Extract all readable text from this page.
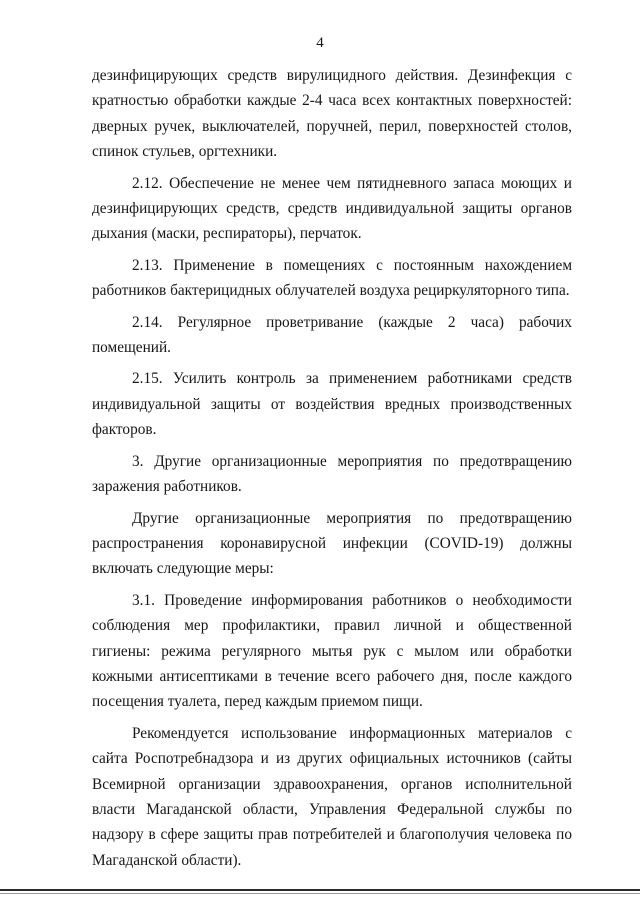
4

дезинфицирующих средств вирулицидного действия. Дезинфекция с кратностью обработки каждые 2-4 часа всех контактных поверхностей: дверных ручек, выключателей, поручней, перил, поверхностей столов, спинок стульев, оргтехники.

2.12. Обеспечение не менее чем пятидневного запаса моющих и дезинфицирующих средств, средств индивидуальной защиты органов дыхания (маски, респираторы), перчаток.

2.13. Применение в помещениях с постоянным нахождением работников бактерицидных облучателей воздуха рециркуляторного типа.

2.14. Регулярное проветривание (каждые 2 часа) рабочих помещений.

2.15. Усилить контроль за применением работниками средств индивидуальной защиты от воздействия вредных производственных факторов.

3. Другие организационные мероприятия по предотвращению заражения работников.

Другие организационные мероприятия по предотвращению распространения коронавирусной инфекции (COVID-19) должны включать следующие меры:

3.1. Проведение информирования работников о необходимости соблюдения мер профилактики, правил личной и общественной гигиены: режима регулярного мытья рук с мылом или обработки кожными антисептиками в течение всего рабочего дня, после каждого посещения туалета, перед каждым приемом пищи.

Рекомендуется использование информационных материалов с сайта Роспотребнадзора и из других официальных источников (сайты Всемирной организации здравоохранения, органов исполнительной власти Магаданской области, Управления Федеральной службы по надзору в сфере защиты прав потребителей и благополучия человека по Магаданской области).
